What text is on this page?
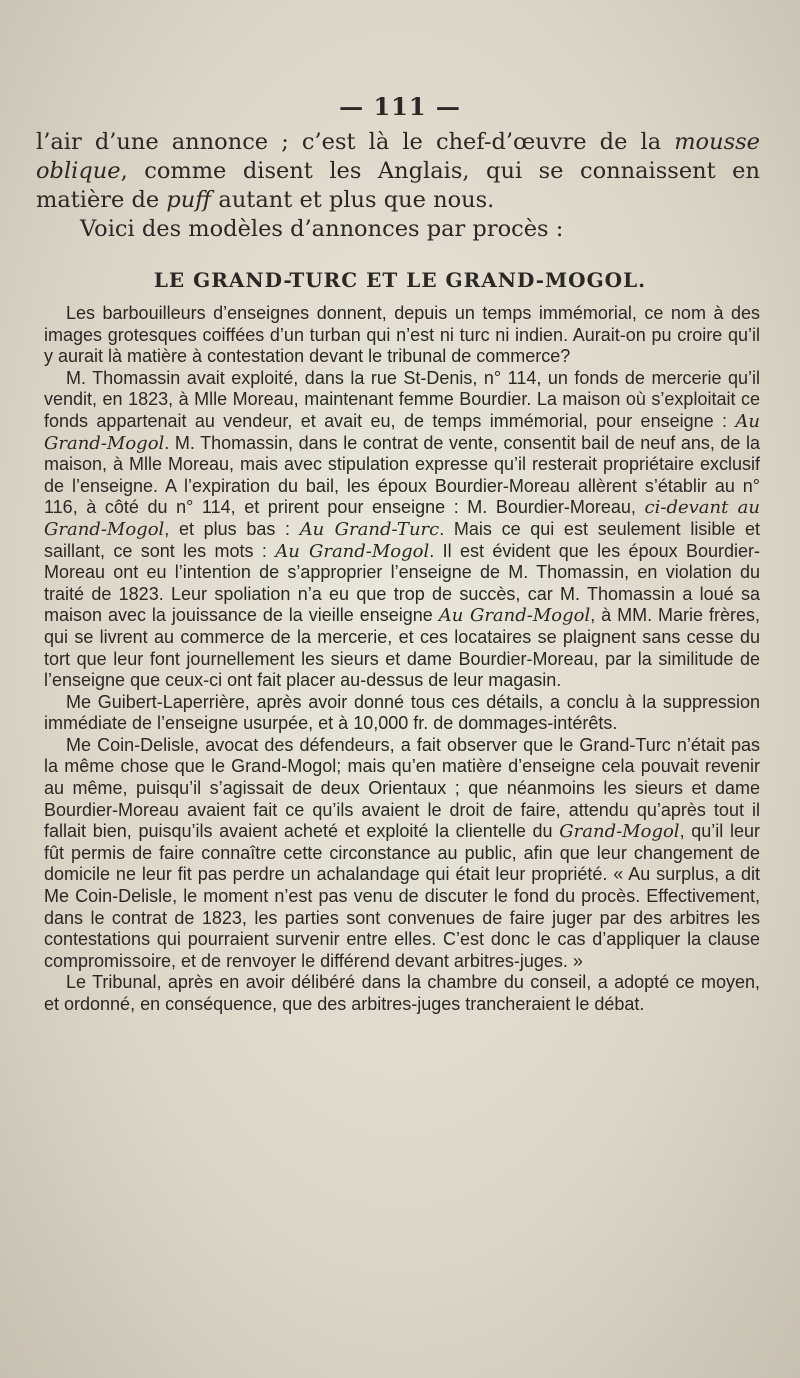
— 111 —

l’air d’une annonce ; c’est là le chef-d’œuvre de la mousse oblique, comme disent les Anglais, qui se connaissent en matière de puff autant et plus que nous.

Voici des modèles d’annonces par procès :

LE GRAND-TURC ET LE GRAND-MOGOL.

Les barbouilleurs d’enseignes donnent, depuis un temps immémorial, ce nom à des images grotesques coiffées d’un turban qui n’est ni turc ni indien. Aurait-on pu croire qu’il y aurait là matière à contestation devant le tribunal de commerce?

M. Thomassin avait exploité, dans la rue St-Denis, n° 114, un fonds de mercerie qu’il vendit, en 1823, à Mlle Moreau, maintenant femme Bourdier. La maison où s’exploitait ce fonds appartenait au vendeur, et avait eu, de temps immémorial, pour enseigne : Au Grand-Mogol. M. Thomassin, dans le contrat de vente, consentit bail de neuf ans, de la maison, à Mlle Moreau, mais avec stipulation expresse qu’il resterait propriétaire exclusif de l’enseigne. A l’expiration du bail, les époux Bourdier-Moreau allèrent s’établir au n° 116, à côté du n° 114, et prirent pour enseigne : M. Bourdier-Moreau, ci-devant au Grand-Mogol, et plus bas : Au Grand-Turc. Mais ce qui est seulement lisible et saillant, ce sont les mots : Au Grand-Mogol. Il est évident que les époux Bourdier-Moreau ont eu l’intention de s’approprier l’enseigne de M. Thomassin, en violation du traité de 1823. Leur spoliation n’a eu que trop de succès, car M. Thomassin a loué sa maison avec la jouissance de la vieille enseigne Au Grand-Mogol, à MM. Marie frères, qui se livrent au commerce de la mercerie, et ces locataires se plaignent sans cesse du tort que leur font journellement les sieurs et dame Bourdier-Moreau, par la similitude de l’enseigne que ceux-ci ont fait placer au-dessus de leur magasin.

Me Guibert-Laperrière, après avoir donné tous ces détails, a conclu à la suppression immédiate de l’enseigne usurpée, et à 10,000 fr. de dommages-intérêts.

Me Coin-Delisle, avocat des défendeurs, a fait observer que le Grand-Turc n’était pas la même chose que le Grand-Mogol; mais qu’en matière d’enseigne cela pouvait revenir au même, puisqu’il s’agissait de deux Orientaux ; que néanmoins les sieurs et dame Bourdier-Moreau avaient fait ce qu’ils avaient le droit de faire, attendu qu’après tout il fallait bien, puisqu’ils avaient acheté et exploité la clientelle du Grand-Mogol, qu’il leur fût permis de faire connaître cette circonstance au public, afin que leur changement de domicile ne leur fit pas perdre un achalandage qui était leur propriété. « Au surplus, a dit Me Coin-Delisle, le moment n’est pas venu de discuter le fond du procès. Effectivement, dans le contrat de 1823, les parties sont convenues de faire juger par des arbitres les contestations qui pourraient survenir entre elles. C’est donc le cas d’appliquer la clause compromissoire, et de renvoyer le différend devant arbitres-juges. »

Le Tribunal, après en avoir délibéré dans la chambre du conseil, a adopté ce moyen, et ordonné, en conséquence, que des arbitres-juges trancheraient le débat.
